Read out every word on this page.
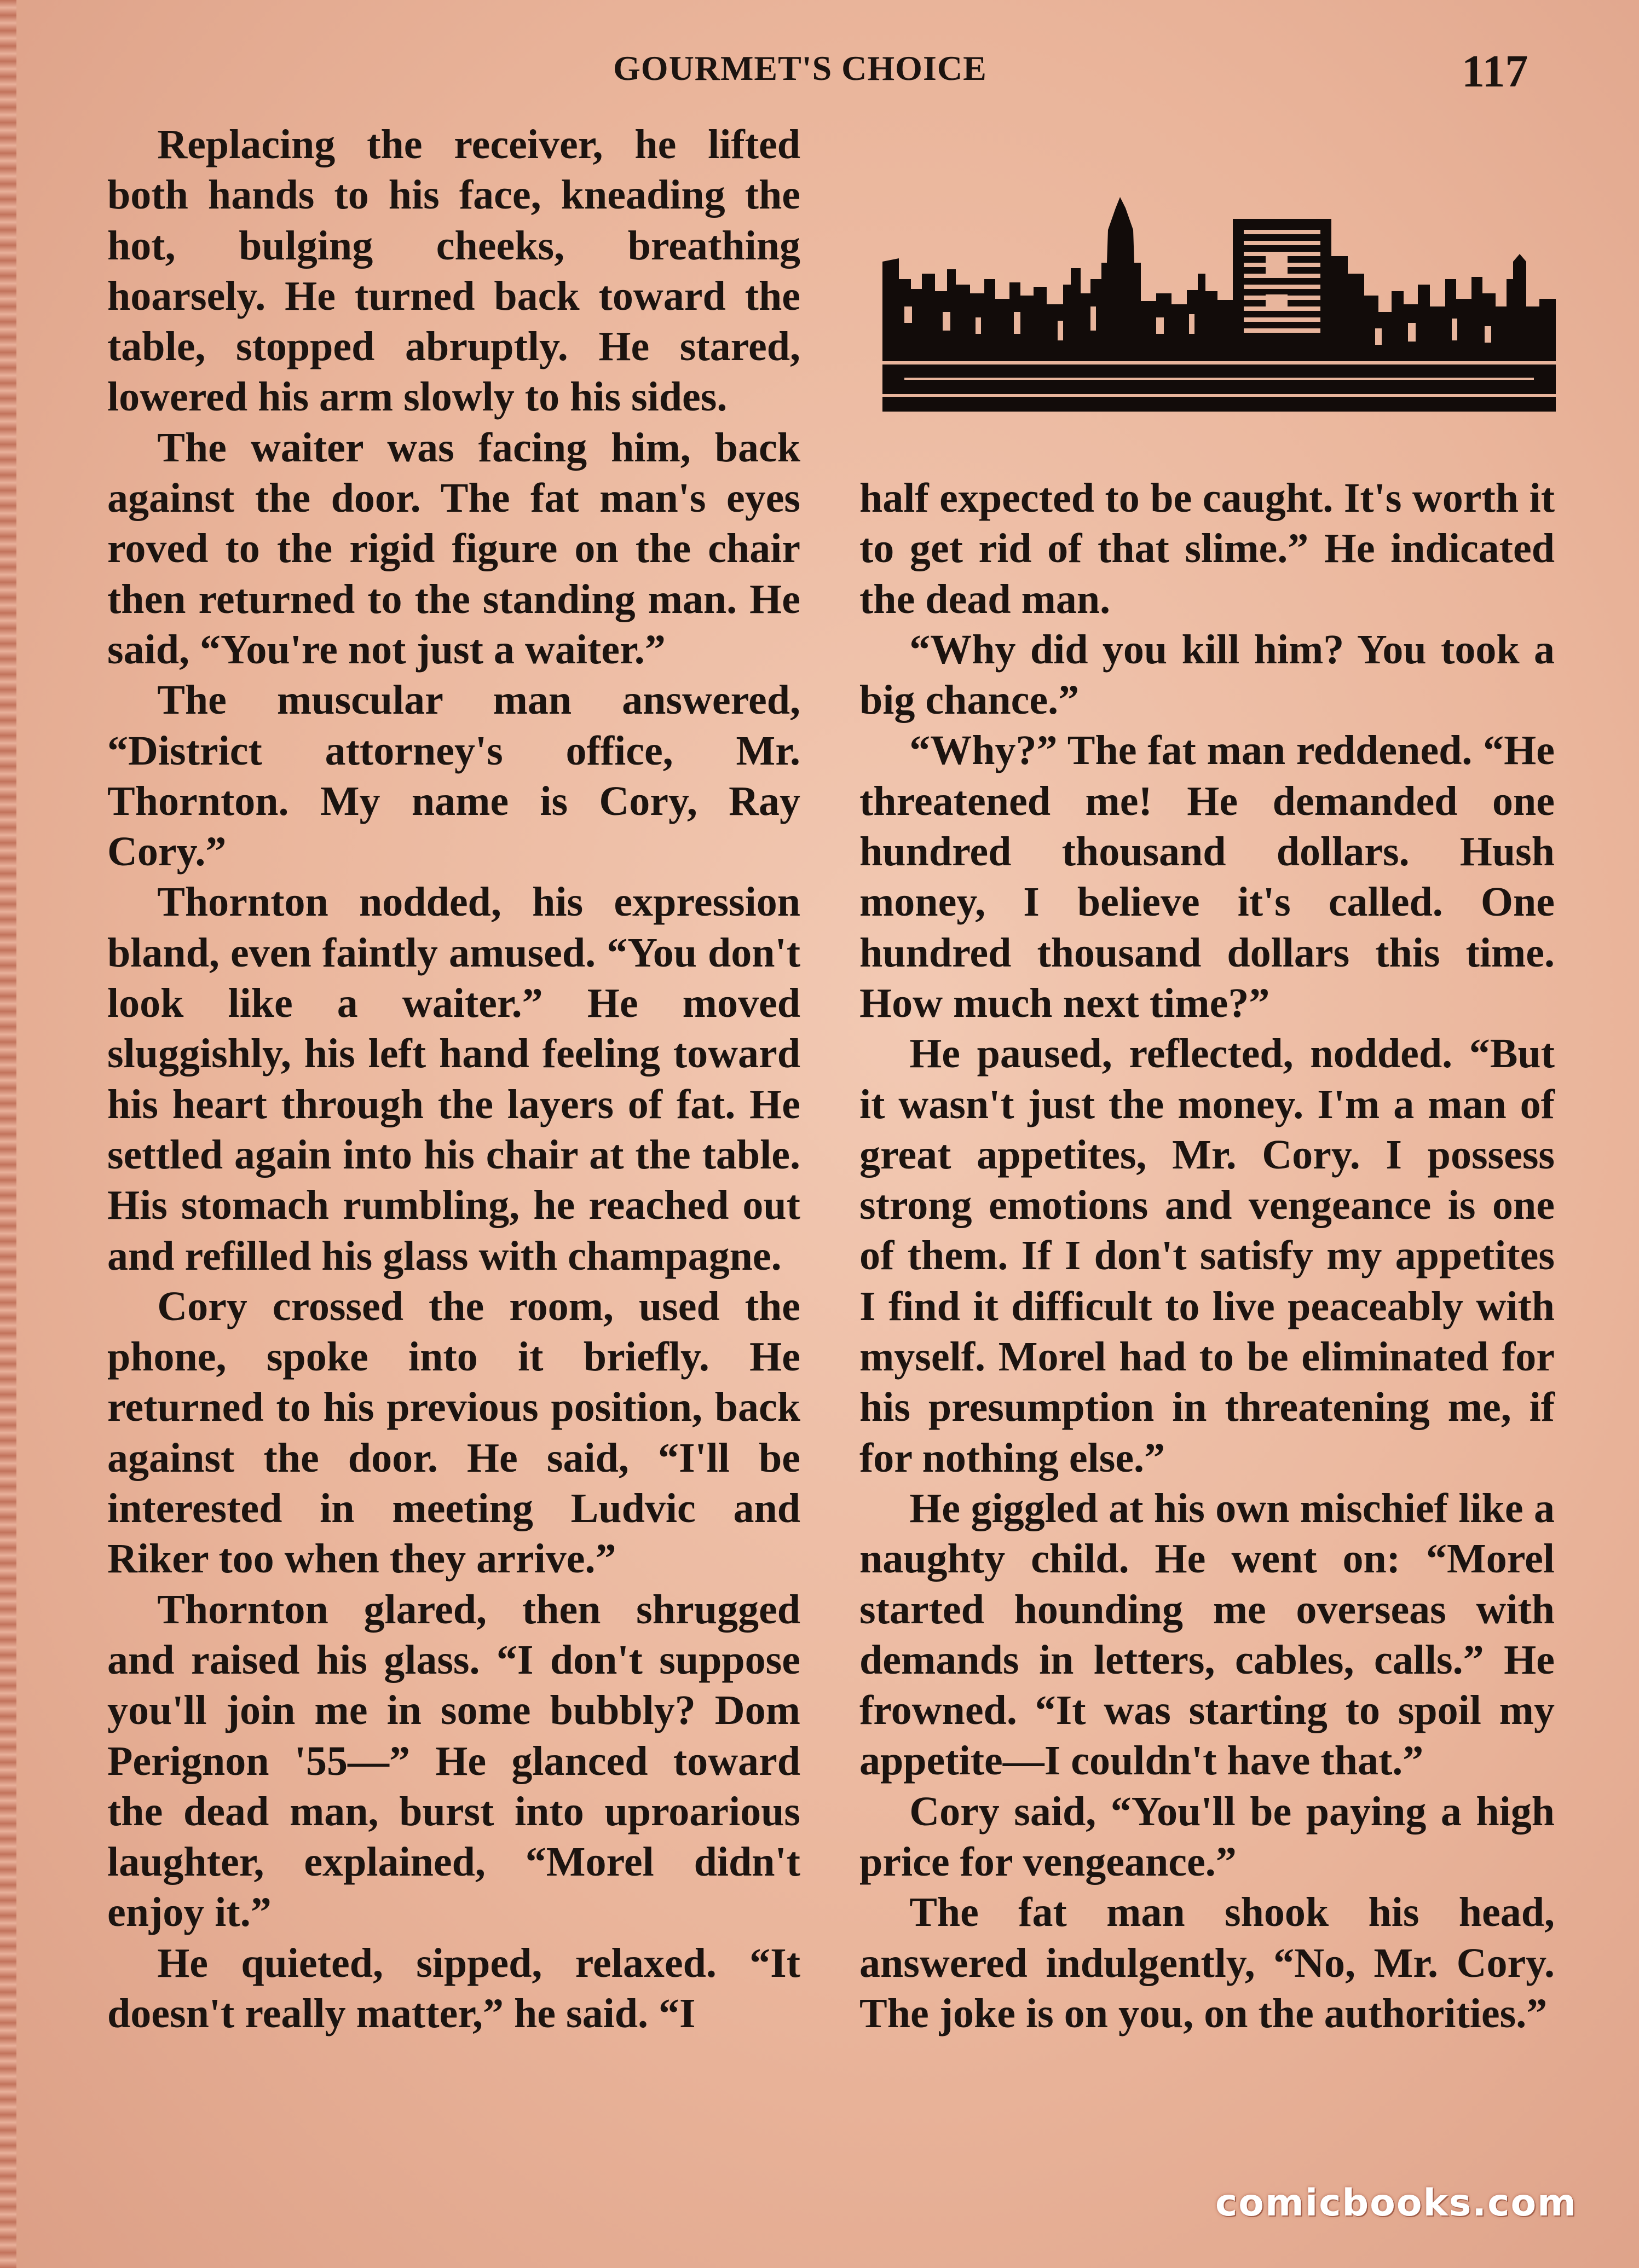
GOURMET'S CHOICE	117

Replacing the receiver, he lifted both hands to his face, kneading the hot, bulging cheeks, breathing hoarsely. He turned back toward the table, stopped abruptly. He stared, lowered his arm slowly to his sides.

The waiter was facing him, back against the door. The fat man's eyes roved to the rigid figure on the chair then returned to the standing man. He said, “You're not just a waiter.”

The muscular man answered, “District attorney's office, Mr. Thornton. My name is Cory, Ray Cory.”

Thornton nodded, his expression bland, even faintly amused. “You don't look like a waiter.” He moved sluggishly, his left hand feeling toward his heart through the layers of fat. He settled again into his chair at the table. His stomach rumbling, he reached out and refilled his glass with champagne.

Cory crossed the room, used the phone, spoke into it briefly. He returned to his previous position, back against the door. He said, “I'll be interested in meeting Ludvic and Riker too when they arrive.”

Thornton glared, then shrugged and raised his glass. “I don't suppose you'll join me in some bubbly? Dom Perignon '55—” He glanced toward the dead man, burst into uproarious laughter, explained, “Morel didn't enjoy it.”

He quieted, sipped, relaxed. “It doesn't really matter,” he said. “I

half expected to be caught. It's worth it to get rid of that slime.” He indicated the dead man.

“Why did you kill him? You took a big chance.”

“Why?” The fat man reddened. “He threatened me! He demanded one hundred thousand dollars. Hush money, I believe it's called. One hundred thousand dollars this time. How much next time?”

He paused, reflected, nodded. “But it wasn't just the money. I'm a man of great appetites, Mr. Cory. I possess strong emotions and vengeance is one of them. If I don't satisfy my appetites I find it difficult to live peaceably with myself. Morel had to be eliminated for his presumption in threatening me, if for nothing else.”

He giggled at his own mischief like a naughty child. He went on: “Morel started hounding me overseas with demands in letters, cables, calls.” He frowned. “It was starting to spoil my appetite—I couldn't have that.”

Cory said, “You'll be paying a high price for vengeance.”

The fat man shook his head, answered indulgently, “No, Mr. Cory. The joke is on you, on the authorities.”

comicbooks.com
